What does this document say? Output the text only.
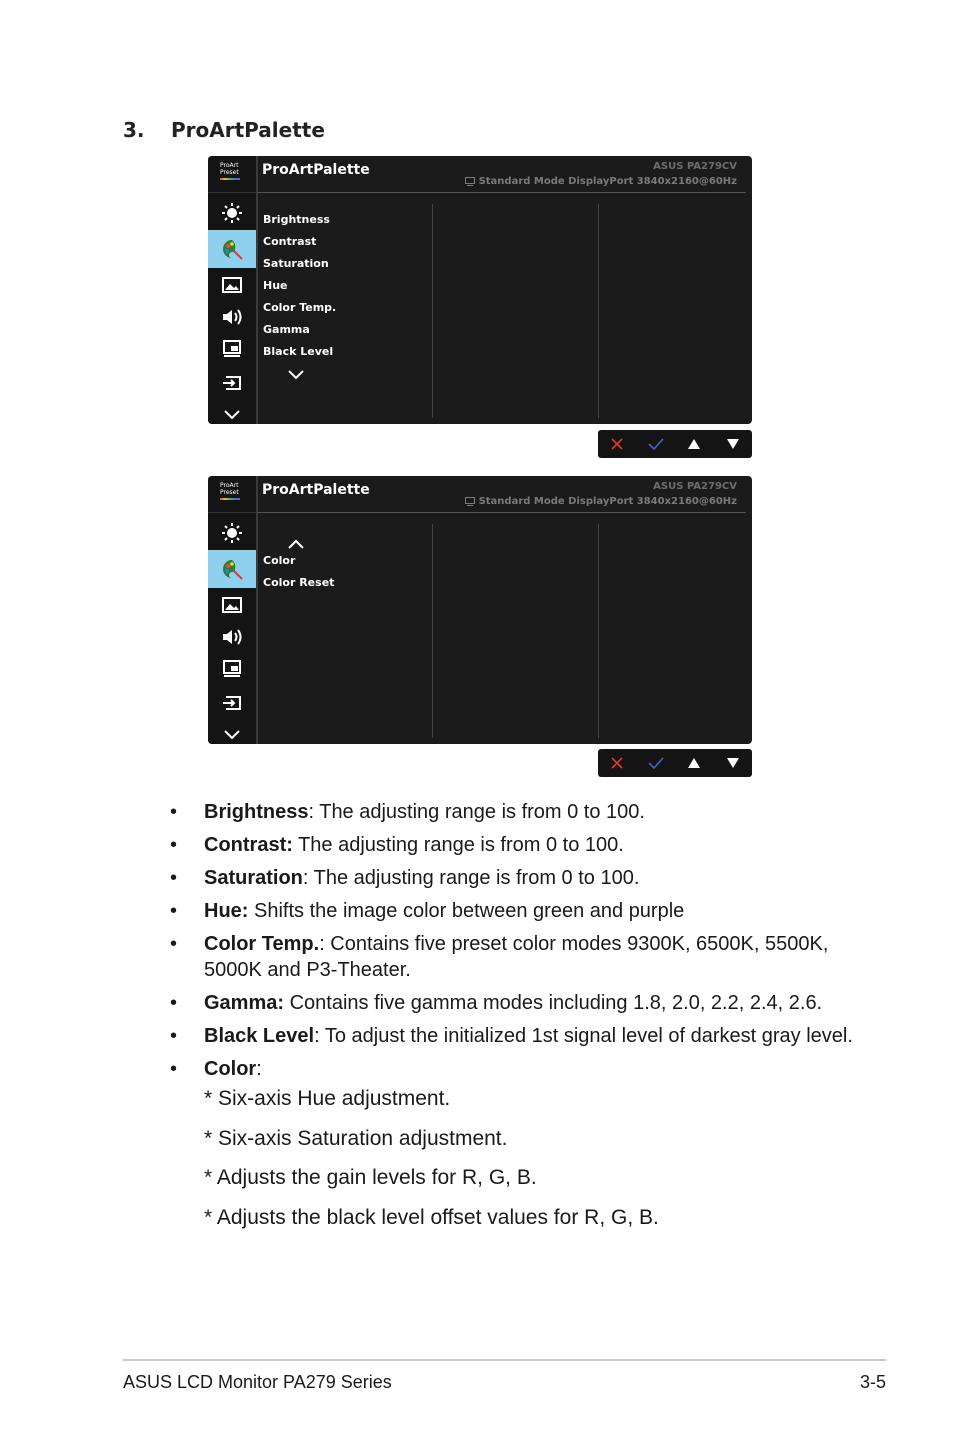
3. ProArtPalette
ProArt
Preset ProArtPalette	ASUS PA279CV
Standard Mode DisplayPort 3840x2160@60Hz
Brightness
Contrast
Saturation
Hue
Color Temp.
Gamma
Black Level
ProArt
Preset ProArtPalette	ASUS PA279CV
Standard Mode DisplayPort 3840x2160@60Hz
Color
Color Reset
• Brightness: The adjusting range is from 0 to 100.
• Contrast: The adjusting range is from 0 to 100.
• Saturation: The adjusting range is from 0 to 100.
• Hue: Shifts the image color between green and purple
• Color Temp.: Contains five preset color modes 9300K, 6500K, 5500K, 5000K and P3-Theater.
• Gamma: Contains five gamma modes including 1.8, 2.0, 2.2, 2.4, 2.6.
• Black Level: To adjust the initialized 1st signal level of darkest gray level.
• Color:
* Six-axis Hue adjustment.
* Six-axis Saturation adjustment.
* Adjusts the gain levels for R, G, B.
* Adjusts the black level offset values for R, G, B.
ASUS LCD Monitor PA279 Series	3-5
